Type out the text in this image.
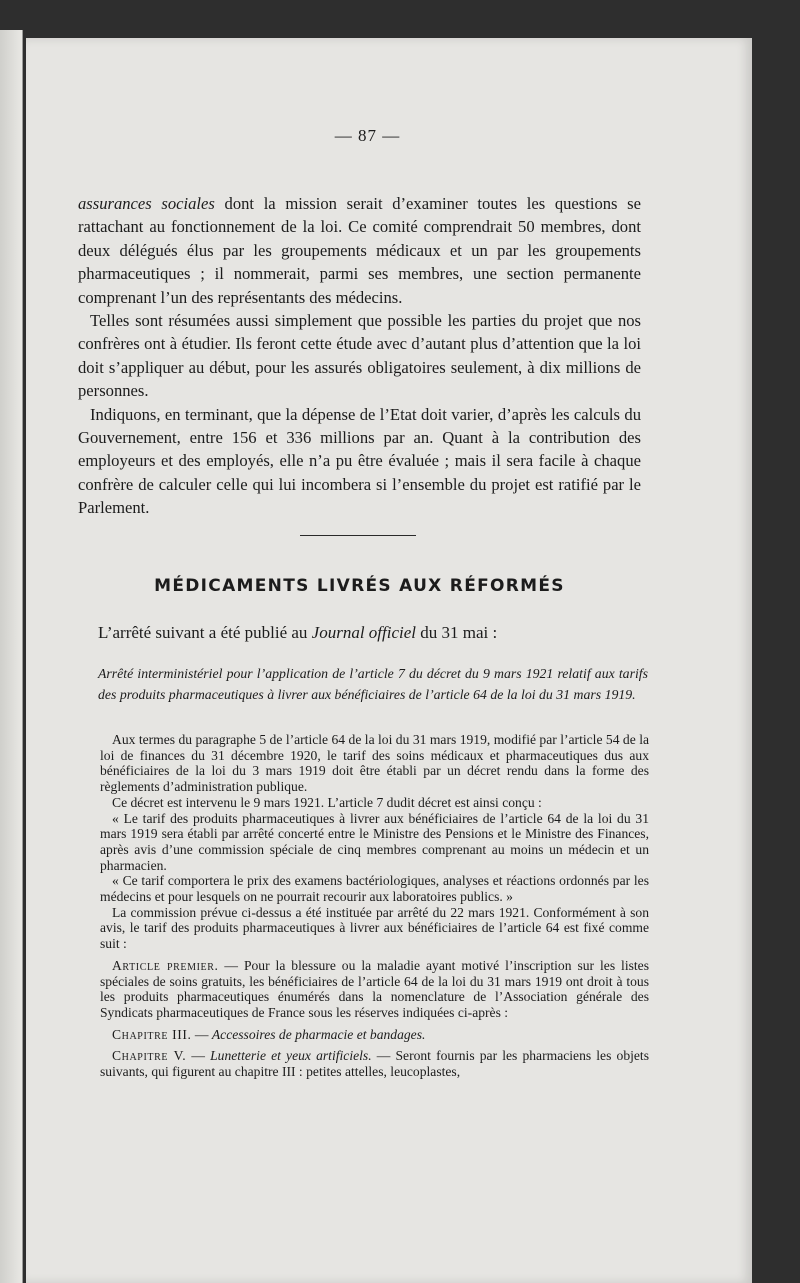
— 87 —

assurances sociales dont la mission serait d’examiner toutes les questions se rattachant au fonctionnement de la loi. Ce comité comprendrait 50 membres, dont deux délégués élus par les groupements médicaux et un par les groupements pharmaceutiques ; il nommerait, parmi ses membres, une section permanente comprenant l’un des représentants des médecins.

Telles sont résumées aussi simplement que possible les parties du projet que nos confrères ont à étudier. Ils feront cette étude avec d’autant plus d’attention que la loi doit s’appliquer au début, pour les assurés obligatoires seulement, à dix millions de personnes.

Indiquons, en terminant, que la dépense de l’Etat doit varier, d’après les calculs du Gouvernement, entre 156 et 336 millions par an. Quant à la contribution des employeurs et des employés, elle n’a pu être évaluée ; mais il sera facile à chaque confrère de calculer celle qui lui incombera si l’ensemble du projet est ratifié par le Parlement.

MÉDICAMENTS LIVRÉS AUX RÉFORMÉS
L’arrêté suivant a été publié au Journal officiel du 31 mai :
Arrêté interministériel pour l’application de l’article 7 du décret du 9 mars 1921 relatif aux tarifs des produits pharmaceutiques à livrer aux bénéficiaires de l’article 64 de la loi du 31 mars 1919.

Aux termes du paragraphe 5 de l’article 64 de la loi du 31 mars 1919, modifié par l’article 54 de la loi de finances du 31 décembre 1920, le tarif des soins médicaux et pharmaceutiques dus aux bénéficiaires de la loi du 3 mars 1919 doit être établi par un décret rendu dans la forme des règlements d’administration publique.

Ce décret est intervenu le 9 mars 1921. L’article 7 dudit décret est ainsi conçu :

« Le tarif des produits pharmaceutiques à livrer aux bénéficiaires de l’article 64 de la loi du 31 mars 1919 sera établi par arrêté concerté entre le Ministre des Pensions et le Ministre des Finances, après avis d’une commission spéciale de cinq membres comprenant au moins un médecin et un pharmacien.

« Ce tarif comportera le prix des examens bactériologiques, analyses et réactions ordonnés par les médecins et pour lesquels on ne pourrait recourir aux laboratoires publics. »

La commission prévue ci-dessus a été instituée par arrêté du 22 mars 1921. Conformément à son avis, le tarif des produits pharmaceutiques à livrer aux bénéficiaires de l’article 64 est fixé comme suit :

Article premier. — Pour la blessure ou la maladie ayant motivé l’inscription sur les listes spéciales de soins gratuits, les bénéficiaires de l’article 64 de la loi du 31 mars 1919 ont droit à tous les produits pharmaceutiques énumérés dans la nomenclature de l’Association générale des Syndicats pharmaceutiques de France sous les réserves indiquées ci-après :

Chapitre III. — Accessoires de pharmacie et bandages.

Chapitre V. — Lunetterie et yeux artificiels. — Seront fournis par les pharmaciens les objets suivants, qui figurent au chapitre III : petites attelles, leucoplastes,
